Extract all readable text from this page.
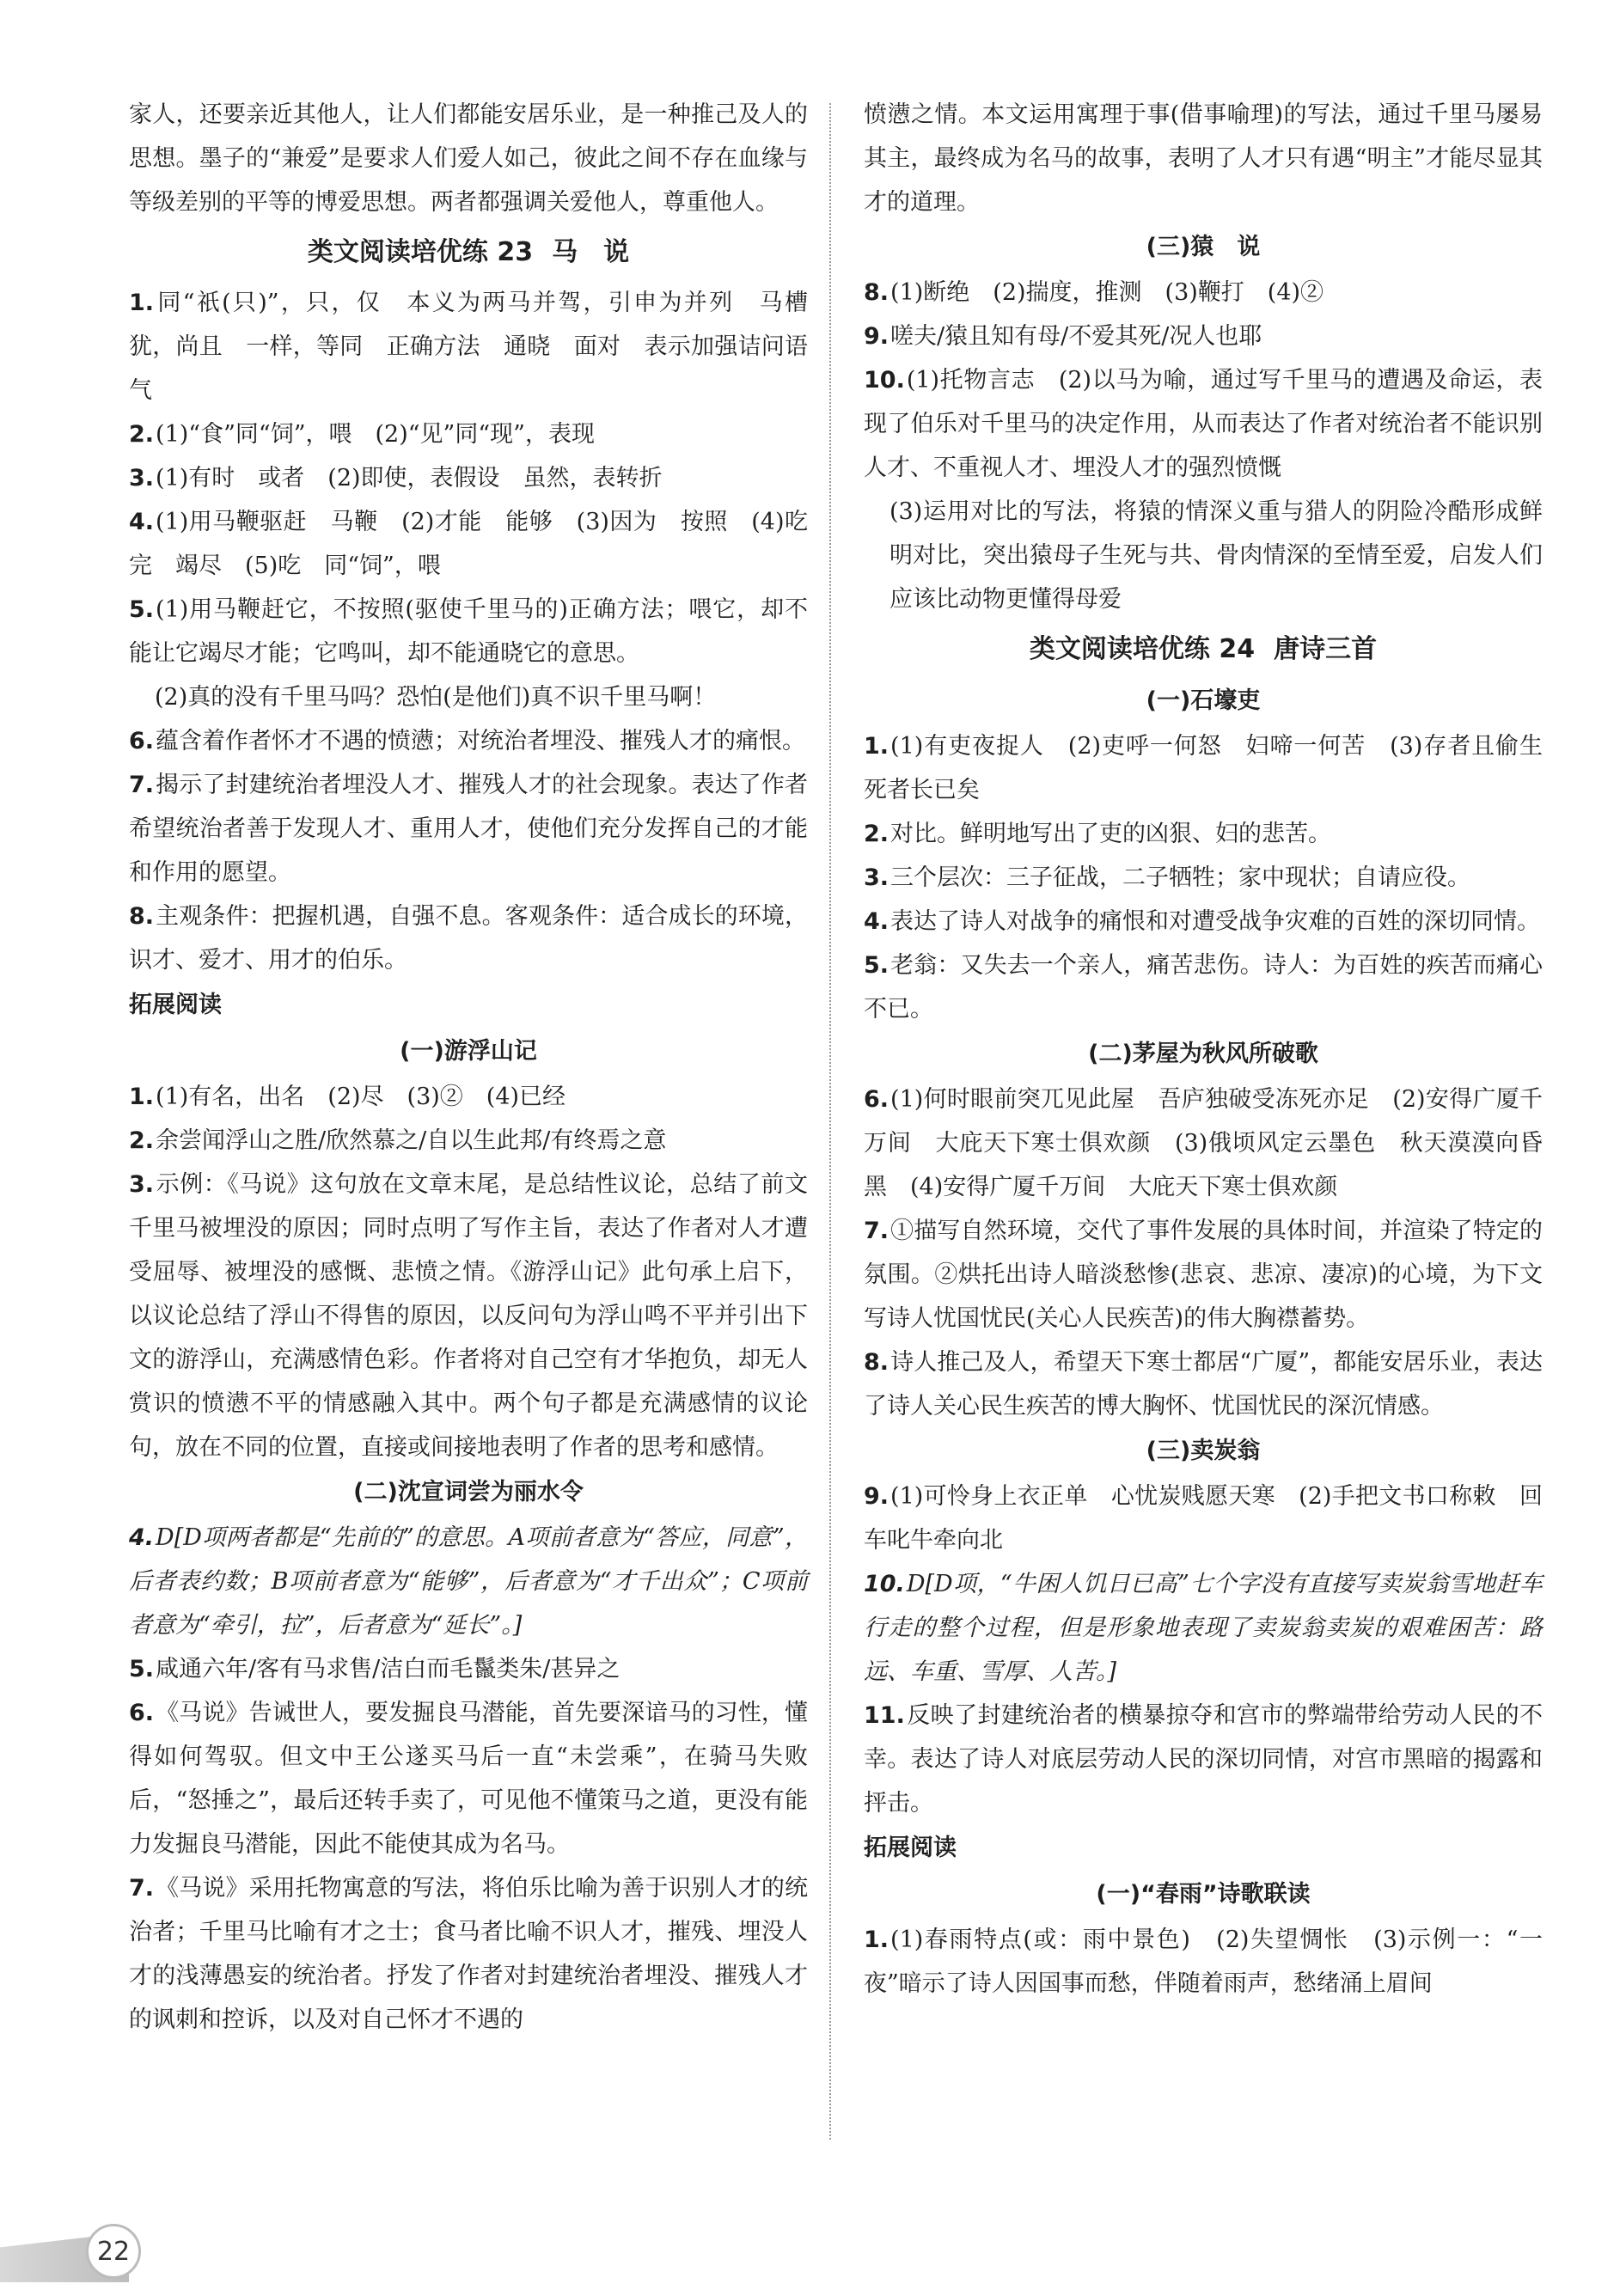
家人，还要亲近其他人，让人们都能安居乐业，是一种推己及人的思想。墨子的“兼爱”是要求人们爱人如己，彼此之间不存在血缘与等级差别的平等的博爱思想。两者都强调关爱他人，尊重他人。

类文阅读培优练 23 马　说

1.同“祇(只)”，只，仅　本义为两马并驾，引申为并列　马槽　犹，尚且　一样，等同　正确方法　通晓　面对　表示加强诘问语气

2.(1)“食”同“饲”，喂　(2)“见”同“现”，表现

3.(1)有时　或者　(2)即使，表假设　虽然，表转折

4.(1)用马鞭驱赶　马鞭　(2)才能　能够　(3)因为　按照　(4)吃完　竭尽　(5)吃　同“饲”，喂

5.(1)用马鞭赶它，不按照(驱使千里马的)正确方法；喂它，却不能让它竭尽才能；它鸣叫，却不能通晓它的意思。

(2)真的没有千里马吗？恐怕(是他们)真不识千里马啊！

6.蕴含着作者怀才不遇的愤懑；对统治者埋没、摧残人才的痛恨。

7.揭示了封建统治者埋没人才、摧残人才的社会现象。表达了作者希望统治者善于发现人才、重用人才，使他们充分发挥自己的才能和作用的愿望。

8.主观条件：把握机遇，自强不息。客观条件：适合成长的环境，识才、爱才、用才的伯乐。

拓展阅读
(一)游浮山记

1.(1)有名，出名　(2)尽　(3)②　(4)已经

2.余尝闻浮山之胜/欣然慕之/自以生此邦/有终焉之意

3.示例：《马说》这句放在文章末尾，是总结性议论，总结了前文千里马被埋没的原因；同时点明了写作主旨，表达了作者对人才遭受屈辱、被埋没的感慨、悲愤之情。《游浮山记》此句承上启下，以议论总结了浮山不得售的原因，以反问句为浮山鸣不平并引出下文的游浮山，充满感情色彩。作者将对自己空有才华抱负，却无人赏识的愤懑不平的情感融入其中。两个句子都是充满感情的议论句，放在不同的位置，直接或间接地表明了作者的思考和感情。

(二)沈宣词尝为丽水令

4.D[D项两者都是“先前的”的意思。A项前者意为“答应，同意”，后者表约数；B项前者意为“能够”，后者意为“才千出众”；C项前者意为“牵引，拉”，后者意为“延长”。]

5.咸通六年/客有马求售/洁白而毛鬣类朱/甚异之

6.《马说》告诫世人，要发掘良马潜能，首先要深谙马的习性，懂得如何驾驭。但文中王公遂买马后一直“未尝乘”，在骑马失败后，“怒捶之”，最后还转手卖了，可见他不懂策马之道，更没有能力发掘良马潜能，因此不能使其成为名马。

7.《马说》采用托物寓意的写法，将伯乐比喻为善于识别人才的统治者；千里马比喻有才之士；食马者比喻不识人才，摧残、埋没人才的浅薄愚妄的统治者。抒发了作者对封建统治者埋没、摧残人才的讽刺和控诉，以及对自己怀才不遇的

愤懑之情。本文运用寓理于事(借事喻理)的写法，通过千里马屡易其主，最终成为名马的故事，表明了人才只有遇“明主”才能尽显其才的道理。

(三)猿　说

8.(1)断绝　(2)揣度，推测　(3)鞭打　(4)②

9.嗟夫/猿且知有母/不爱其死/况人也耶

10.(1)托物言志　(2)以马为喻，通过写千里马的遭遇及命运，表现了伯乐对千里马的决定作用，从而表达了作者对统治者不能识别人才、不重视人才、埋没人才的强烈愤慨

(3)运用对比的写法，将猿的情深义重与猎人的阴险冷酷形成鲜明对比，突出猿母子生死与共、骨肉情深的至情至爱，启发人们应该比动物更懂得母爱

类文阅读培优练 24 唐诗三首
(一)石壕吏

1.(1)有吏夜捉人　(2)吏呼一何怒　妇啼一何苦　(3)存者且偷生　死者长已矣

2.对比。鲜明地写出了吏的凶狠、妇的悲苦。

3.三个层次：三子征战，二子牺牲；家中现状；自请应役。

4.表达了诗人对战争的痛恨和对遭受战争灾难的百姓的深切同情。

5.老翁：又失去一个亲人，痛苦悲伤。诗人：为百姓的疾苦而痛心不已。

(二)茅屋为秋风所破歌

6.(1)何时眼前突兀见此屋　吾庐独破受冻死亦足　(2)安得广厦千万间　大庇天下寒士俱欢颜　(3)俄顷风定云墨色　秋天漠漠向昏黑　(4)安得广厦千万间　大庇天下寒士俱欢颜

7.①描写自然环境，交代了事件发展的具体时间，并渲染了特定的氛围。②烘托出诗人暗淡愁惨(悲哀、悲凉、凄凉)的心境，为下文写诗人忧国忧民(关心人民疾苦)的伟大胸襟蓄势。

8.诗人推己及人，希望天下寒士都居“广厦”，都能安居乐业，表达了诗人关心民生疾苦的博大胸怀、忧国忧民的深沉情感。

(三)卖炭翁

9.(1)可怜身上衣正单　心忧炭贱愿天寒　(2)手把文书口称敕　回车叱牛牵向北

10.D[D项，“牛困人饥日已高”七个字没有直接写卖炭翁雪地赶车行走的整个过程，但是形象地表现了卖炭翁卖炭的艰难困苦：路远、车重、雪厚、人苦。]

11.反映了封建统治者的横暴掠夺和宫市的弊端带给劳动人民的不幸。表达了诗人对底层劳动人民的深切同情，对宫市黑暗的揭露和抨击。

拓展阅读
(一)“春雨”诗歌联读

1.(1)春雨特点(或：雨中景色)　(2)失望惆怅　(3)示例一：“一夜”暗示了诗人因国事而愁，伴随着雨声，愁绪涌上眉间

22
